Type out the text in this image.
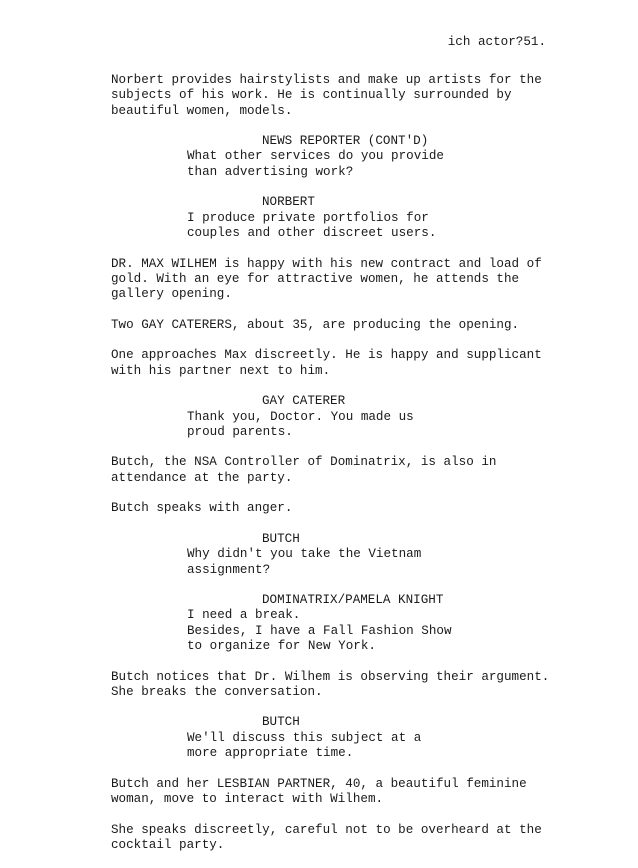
ich actor?51.

Norbert provides hairstylists and make up artists for the
subjects of his work. He is continually surrounded by
beautiful women, models.

NEWS REPORTER (CONT'D)

What other services do you provide
than advertising work?

NORBERT

I produce private portfolios for
couples and other discreet users.

DR. MAX WILHEM is happy with his new contract and load of
gold. With an eye for attractive women, he attends the
gallery opening.

Two GAY CATERERS, about 35, are producing the opening.

One approaches Max discreetly. He is happy and supplicant
with his partner next to him.

GAY CATERER

Thank you, Doctor. You made us
proud parents.

Butch, the NSA Controller of Dominatrix, is also in
attendance at the party.

Butch speaks with anger.

BUTCH

Why didn't you take the Vietnam
assignment?

DOMINATRIX/PAMELA KNIGHT

I need a break.
Besides, I have a Fall Fashion Show
to organize for New York.

Butch notices that Dr. Wilhem is observing their argument.
She breaks the conversation.

BUTCH

We'll discuss this subject at a
more appropriate time.

Butch and her LESBIAN PARTNER, 40, a beautiful feminine
woman, move to interact with Wilhem.

She speaks discreetly, careful not to be overheard at the
cocktail party.
